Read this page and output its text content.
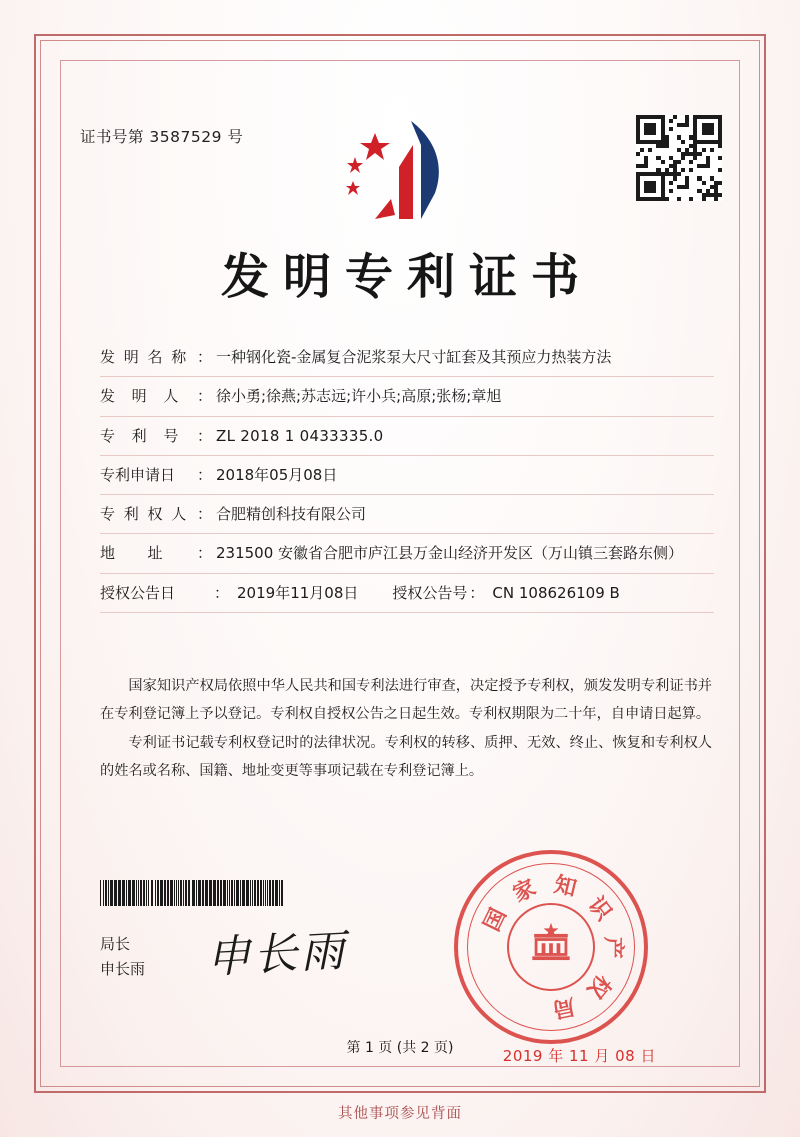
证书号第 3587529 号
发明专利证书
发 明 名 称 ： 一种钢化瓷-金属复合泥浆泵大尺寸缸套及其预应力热装方法
发 明 人 ： 徐小勇;徐燕;苏志远;许小兵;高原;张杨;章旭
专 利 号 ： ZL 2018 1 0433335.0
专利申请日 ： 2018年05月08日
专 利 权 人 ： 合肥精创科技有限公司
地 址 ： 231500 安徽省合肥市庐江县万金山经济开发区（万山镇三套路东侧）
授权公告日	： 2019年11月08日 授权公告号 ： CN 108626109 B

国家知识产权局依照中华人民共和国专利法进行审查，决定授予专利权，颁发发明专利证书并在专利登记簿上予以登记。专利权自授权公告之日起生效。专利权期限为二十年，自申请日起算。

专利证书记载专利权登记时的法律状况。专利权的转移、质押、无效、终止、恢复和专利权人的姓名或名称、国籍、地址变更等事项记载在专利登记簿上。

局长
申长雨 申长雨
国
家 知
识
产
权
局
2019 年 11 月 08 日
第 1 页 (共 2 页)
其他事项参见背面
